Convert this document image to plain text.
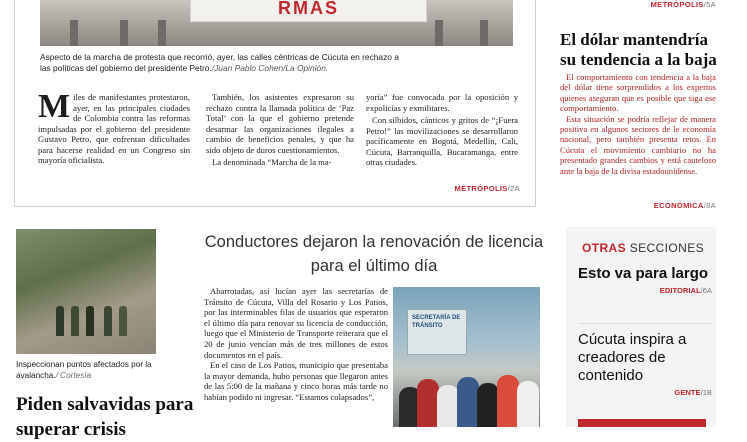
RMAS
Aspecto de la marcha de protesta que recorrió, ayer, las calles céntricas de Cúcuta en rechazo a las políticas del gobierno del presidente Petro./Juan Pablo Cohen/La Opinión.
Miles de manifestantes protestaron, ayer, en las principales ciudades de Colombia contra las reformas impulsadas por el gobierno del presidente Gustavo Petro, que enfrentan dificultades para hacerse realidad en un Congreso sin mayoría oficialista.
También, los asistentes expresaron su rechazo contra la llamada política de ‘Paz Total’ con la que el gobierno pretende desarmar las organizaciones ilegales a cambio de beneficios penales, y que ha sido objeto de duros cuestionamientos.
La denominada “Marcha de la ma-
yoría” fue convocada por la oposición y expolicías y exmilitares.
Con silbidos, cánticos y gritos de “¡Fuera Petro!” las movilizaciones se desarrollaron pacíficamente en Bogotá, Medellín, Cali, Cúcuta, Barranquilla, Bucaramanga, entre otras ciudades.
METRÓPOLIS/2A
METRÓPOLIS/5A
El dólar mantendría su tendencia a la baja

El comportamiento con tendencia a la baja del dólar tiene sorprendidos a los expertos quienes aseguran que es posible que siga ese comportamiento.

Esta situación se podría reflejar de manera positiva en algunos sectores de le economía nacional, pero también presenta retos. En Cúcuta el movimiento cambiario no ha presentado grandes cambios y está cauteloso ante la baja de la divisa estadounidense.

ECONÓMICA/8A
OTRAS SECCIONES
Esto va para largo
EDITORIAL/6A
Cúcuta inspira a creadores de contenido
GENTE/1B
Inspeccionan puntos afectados por la avalancha./ Cortesía
Piden salvavidas para superar crisis
Conductores dejaron la renovación de licencia para el último día

Abarrotadas, así lucían ayer las secretarías de Tránsito de Cúcuta, Villa del Rosario y Los Patios, por las interminables filas de usuarios que esperaron el último día para renovar su licencia de conducción, luego que el Ministerio de Transporte reiterara que el 20 de junio vencían más de tres millones de estos documentos en el país.

En el caso de Los Patios, municipio que presentaba la mayor demanda, hubo personas que llegaron antes de las 5:00 de la mañana y cinco horas más tarde no habían podido ni ingresar. “Estamos colapsados”,

SECRETARÍA DE TRÁNSITO
